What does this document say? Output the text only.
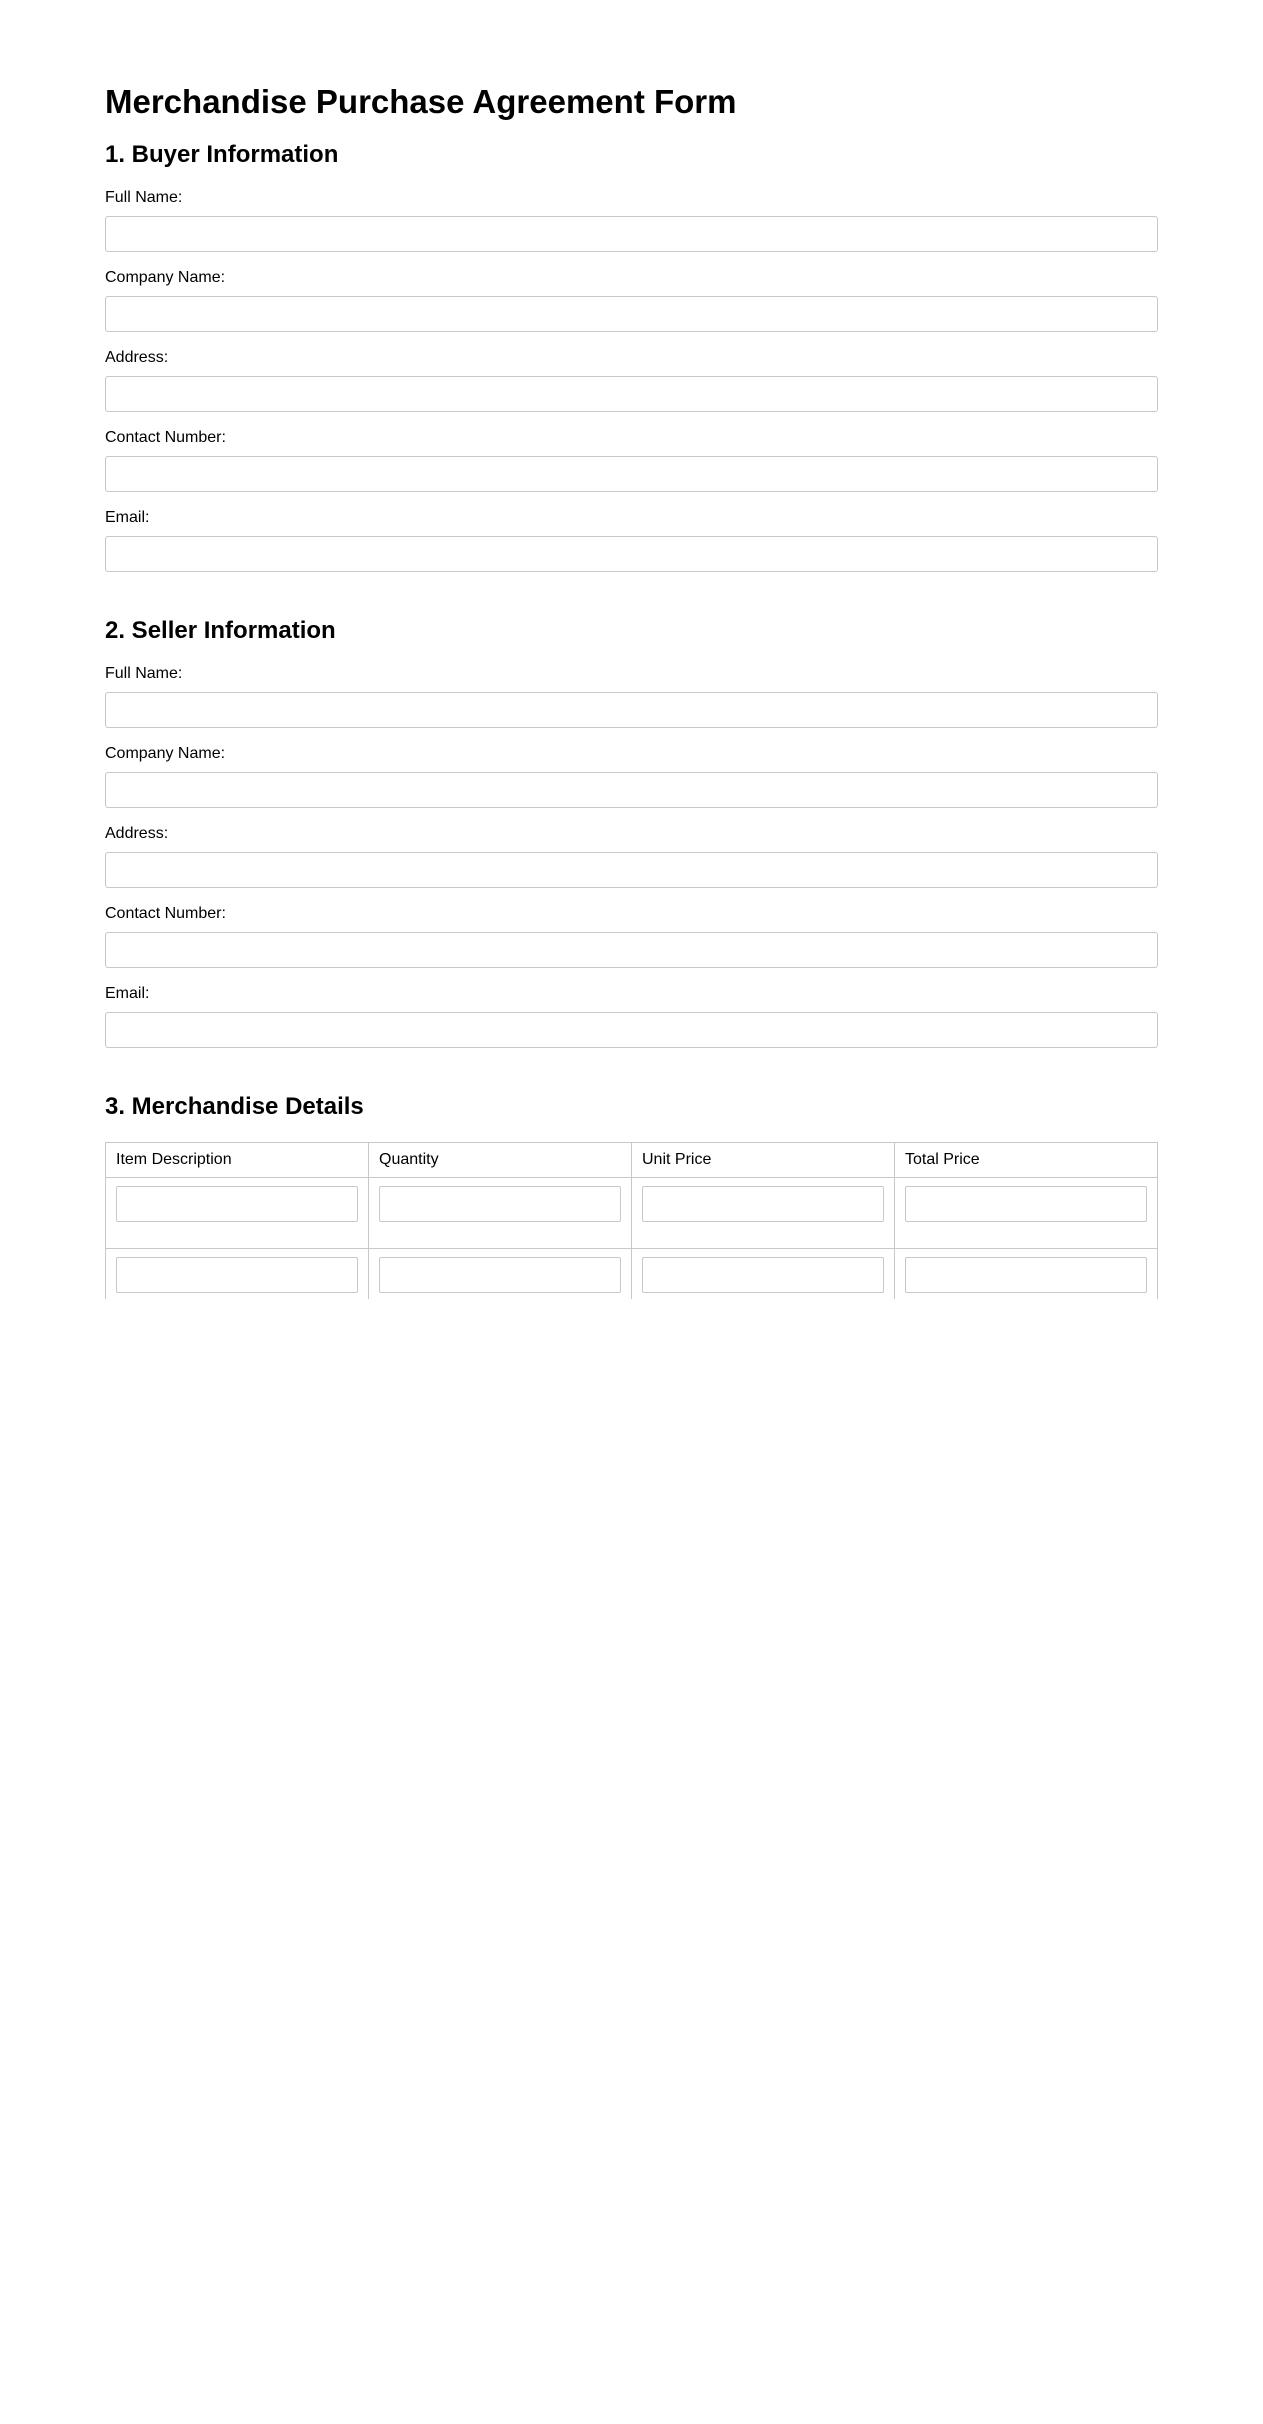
Merchandise Purchase Agreement Form
1. Buyer Information
Full Name:
Company Name:
Address:
Contact Number:
Email:
2. Seller Information
Full Name:
Company Name:
Address:
Contact Number:
Email:
3. Merchandise Details
Item Description	Quantity	Unit Price	Total Price
